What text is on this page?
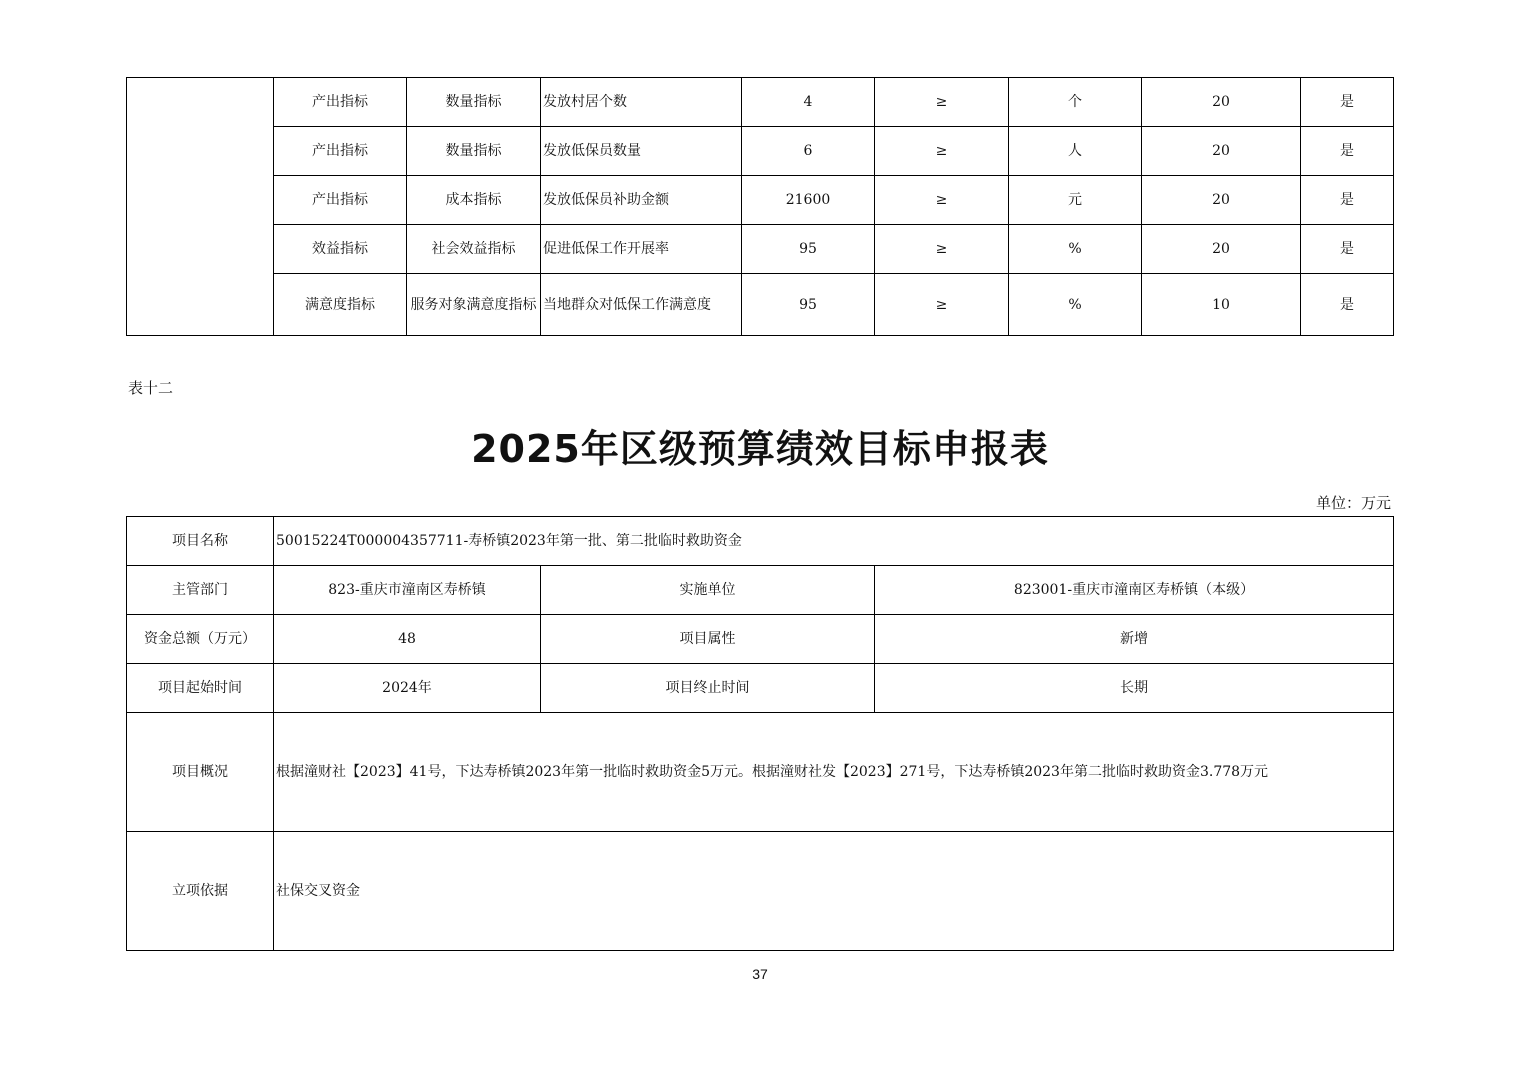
	产出指标	数量指标	发放村居个数	4	≥	个	20	是
	产出指标	数量指标	发放低保员数量	6	≥	人	20	是
	产出指标	成本指标	发放低保员补助金额	21600	≥	元	20	是
	效益指标	社会效益指标	促进低保工作开展率	95	≥	%	20	是
	满意度指标	服务对象满意度指标	当地群众对低保工作满意度	95	≥	%	10	是
表十二
2025年区级预算绩效目标申报表
单位：万元
项目名称	50015224T000004357711-寿桥镇2023年第一批、第二批临时救助资金		
主管部门	823-重庆市潼南区寿桥镇	实施单位	823001-重庆市潼南区寿桥镇（本级）
资金总额（万元）	48	项目属性	新增
项目起始时间	2024年	项目终止时间	长期
项目概况	根据潼财社【2023】41号，下达寿桥镇2023年第一批临时救助资金5万元。根据潼财社发【2023】271号，下达寿桥镇2023年第二批临时救助资金3.778万元		
立项依据	社保交叉资金		
37
